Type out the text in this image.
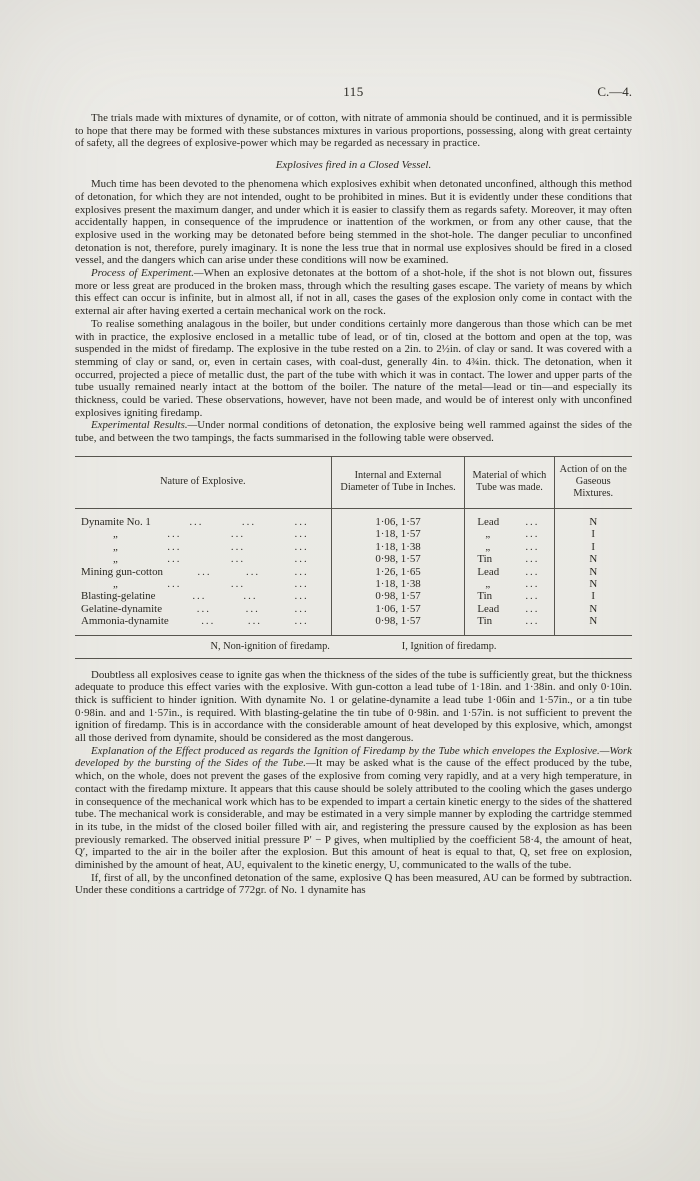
115	C.—4.

The trials made with mixtures of dynamite, or of cotton, with nitrate of ammonia should be continued, and it is permissible to hope that there may be formed with these substances mixtures in various proportions, possessing, along with great certainty of safety, all the degrees of explosive-power which may be regarded as necessary in practice.

Explosives fired in a Closed Vessel.

Much time has been devoted to the phenomena which explosives exhibit when detonated unconfined, although this method of detonation, for which they are not intended, ought to be prohibited in mines. But it is evidently under these conditions that explosives present the maximum danger, and under which it is easier to classify them as regards safety. Moreover, it may often accidentally happen, in consequence of the imprudence or inattention of the workmen, or from any other cause, that the explosive used in the working may be detonated before being stemmed in the shot-hole. The danger peculiar to unconfined detonation is not, therefore, purely imaginary. It is none the less true that in normal use explosives should be fired in a closed vessel, and the dangers which can arise under these conditions will now be examined.

Process of Experiment.—When an explosive detonates at the bottom of a shot-hole, if the shot is not blown out, fissures more or less great are produced in the broken mass, through which the resulting gases escape. The variety of means by which this effect can occur is infinite, but in almost all, if not in all, cases the gases of the explosion only come in contact with the external air after having exerted a certain mechanical work on the rock.

To realise something analagous in the boiler, but under conditions certainly more dangerous than those which can be met with in practice, the explosive enclosed in a metallic tube of lead, or of tin, closed at the bottom and open at the top, was suspended in the midst of firedamp. The explosive in the tube rested on a 2in. to 2½in. of clay or sand. It was covered with a stemming of clay or sand, or, even in certain cases, with coal-dust, generally 4in. to 4¾in. thick. The detonation, when it occurred, projected a piece of metallic dust, the part of the tube with which it was in contact. The lower and upper parts of the tube usually remained nearly intact at the bottom of the boiler. The nature of the metal—lead or tin—and especially its thickness, could be varied. These observations, however, have not been made, and would be of interest only with unconfined explosives igniting firedamp.

Experimental Results.—Under normal conditions of detonation, the explosive being well rammed against the sides of the tube, and between the two tampings, the facts summarised in the following table were observed.

Nature of Explosive.	Internal and External Diameter of Tube in Inches.	Material of which Tube was made.	Action of on the Gaseous Mixtures.

Dynamite No. 1 ... ... ...	1·06, 1·57	Lead ...	N

„ ... ... ...	1·18, 1·57	„ ...	I

„ ... ... ...	1·18, 1·38	„ ...	I

„ ... ... ...	0·98, 1·57	Tin ...	N

Mining gun-cotton ... ... ...	1·26, 1·65	Lead ...	N

„ ... ... ...	1·18, 1·38	„ ...	N

Blasting-gelatine ... ... ...	0·98, 1·57	Tin ...	I

Gelatine-dynamite ... ... ...	1·06, 1·57	Lead ...	N

Ammonia-dynamite ... ... ...	0·98, 1·57	Tin ...	N
N, Non-ignition of firedamp.	I, Ignition of firedamp.

Doubtless all explosives cease to ignite gas when the thickness of the sides of the tube is sufficiently great, but the thickness adequate to produce this effect varies with the explosive. With gun-cotton a lead tube of 1·18in. and 1·38in. and only 0·10in. thick is sufficient to hinder ignition. With dynamite No. 1 or gelatine-dynamite a lead tube 1·06in and 1·57in., or a tin tube 0·98in. and and 1·57in., is required. With blasting-gelatine the tin tube of 0·98in. and 1·57in. is not sufficient to prevent the ignition of firedamp. This is in accordance with the considerable amount of heat developed by this explosive, which, amongst all those derived from dynamite, should be considered as the most dangerous.

Explanation of the Effect produced as regards the Ignition of Firedamp by the Tube which envelopes the Explosive.—Work developed by the bursting of the Sides of the Tube.—It may be asked what is the cause of the effect produced by the tube, which, on the whole, does not prevent the gases of the explosive from coming very rapidly, and at a very high temperature, in contact with the firedamp mixture. It appears that this cause should be solely attributed to the cooling which the gases undergo in consequence of the mechanical work which has to be expended to impart a certain kinetic energy to the sides of the shattered tube. The mechanical work is considerable, and may be estimated in a very simple manner by exploding the cartridge stemmed in its tube, in the midst of the closed boiler filled with air, and registering the pressure caused by the explosion as has been previously remarked. The observed initial pressure P′ − P gives, when multiplied by the coefficient 58·4, the amount of heat, Q′, imparted to the air in the boiler after the explosion. But this amount of heat is equal to that, Q, set free on explosion, diminished by the amount of heat, AU, equivalent to the kinetic energy, U, communicated to the walls of the tube.

If, first of all, by the unconfined detonation of the same, explosive Q has been measured, AU can be formed by subtraction. Under these conditions a cartridge of 772gr. of No. 1 dynamite has
